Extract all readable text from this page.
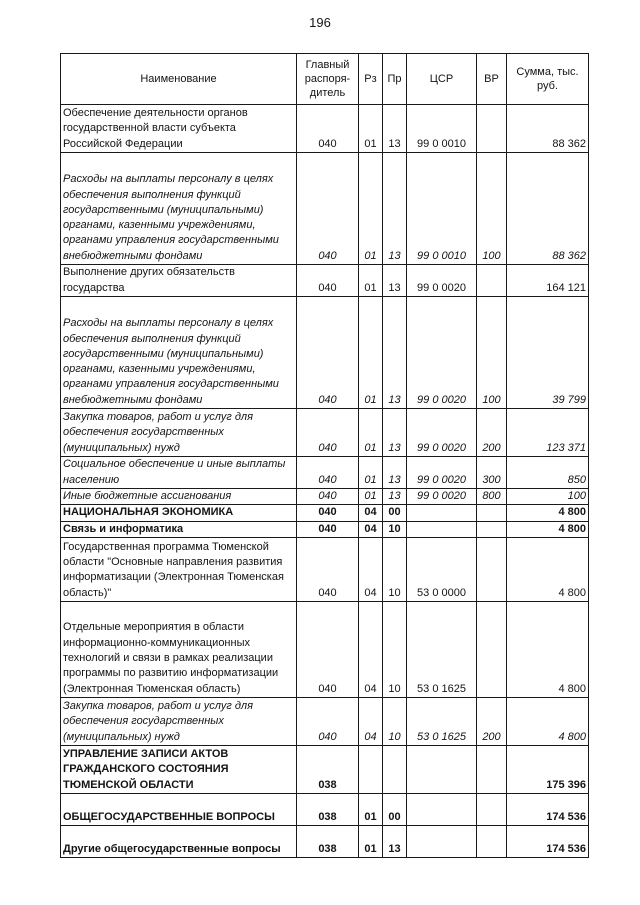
196
Наименование	Главный распоря-дитель	Рз	Пр	ЦСР	ВР	Сумма, тыс. руб.
Обеспечение деятельности органов государственной власти субъекта Российской Федерации	040	01	13	99 0 0010		88 362
Расходы на выплаты персоналу в целях обеспечения выполнения функций государственными (муниципальными) органами, казенными учреждениями, органами управления государственными внебюджетными фондами	040	01	13	99 0 0010	100	88 362
Выполнение других обязательств государства	040	01	13	99 0 0020		164 121
Расходы на выплаты персоналу в целях обеспечения выполнения функций государственными (муниципальными) органами, казенными учреждениями, органами управления государственными внебюджетными фондами	040	01	13	99 0 0020	100	39 799
Закупка товаров, работ и услуг для обеспечения государственных (муниципальных) нужд	040	01	13	99 0 0020	200	123 371
Социальное обеспечение и иные выплаты населению	040	01	13	99 0 0020	300	850
Иные бюджетные ассигнования	040	01	13	99 0 0020	800	100
НАЦИОНАЛЬНАЯ ЭКОНОМИКА	040	04	00			4 800
Связь и информатика	040	04	10			4 800
Государственная программа Тюменской области "Основные направления развития информатизации (Электронная Тюменская область)"	040	04	10	53 0 0000		4 800
Отдельные мероприятия в области информационно-коммуникационных технологий и связи в рамках реализации программы по развитию информатизации (Электронная Тюменская область)	040	04	10	53 0 1625		4 800
Закупка товаров, работ и услуг для обеспечения государственных (муниципальных) нужд	040	04	10	53 0 1625	200	4 800
УПРАВЛЕНИЕ ЗАПИСИ АКТОВ ГРАЖДАНСКОГО СОСТОЯНИЯ ТЮМЕНСКОЙ ОБЛАСТИ	038					175 396
ОБЩЕГОСУДАРСТВЕННЫЕ ВОПРОСЫ	038	01	00			174 536
Другие общегосударственные вопросы	038	01	13			174 536
